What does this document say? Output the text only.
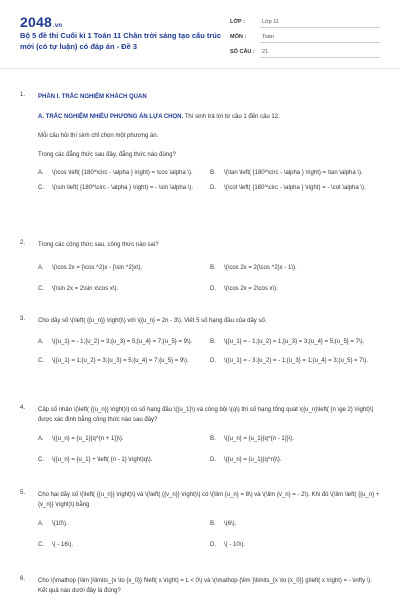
2048.vn
Bộ 5 đề thi Cuối kì 1 Toán 11 Chân trời sáng tạo cấu trúc mới (có tự luận) có đáp án - Đề 3
LỚP :	Lớp 11
MÔN :	Toán
SỐ CÂU :	21
1. PHẦN I. TRẮC NGHIỆM KHÁCH QUAN
A. TRẮC NGHIỆM NHIỀU PHƯƠNG ÁN LỰA CHỌN. Thí sinh trả lời từ câu 1 đến câu 12.
Mỗi câu hỏi thí sinh chỉ chọn một phương án.
Trong các đẳng thức sau đây, đẳng thức nào đúng?
A.	\(\cos \left( {180^\circ - \alpha } \right) = \cos \alpha \).	B.	\(\tan \left( {180^\circ - \alpha } \right) = \tan \alpha \).
C.	\(\sin \left( {180^\circ - \alpha } \right) = - \sin \alpha \).	D.	\(\cot \left( {180^\circ - \alpha } \right) = - \cot \alpha \).
2. Trong các công thức sau, công thức nào sai?
A.	\(\cos 2x = {\cos ^2}x - {\sin ^2}x\).	B.	\(\cos 2x = 2{\cos ^2}x - 1\).
C.	\(\sin 2x = 2\sin x\cos x\).	D.	\(\cos 2x = 2\cos x\).
3. Cho dãy số \(\left( {{u_n}} \right)\) với \({u_n} = 2n - 3\). Viết 5 số hạng đầu của dãy số.
A.	\({u_1} = - 1;{u_2} = 3;{u_3} = 5;{u_4} = 7;{u_5} = 9\).	B.	\({u_1} = - 1;{u_2} = 1;{u_3} = 3;{u_4} = 5;{u_5} = 7\).
C.	\({u_1} = 1;{u_2} = 3;{u_3} = 5;{u_4} = 7;{u_5} = 9\).	D.	\({u_1} = - 3;{u_2} = - 1;{u_3} = 1;{u_4} = 3;{u_5} = 7\).
4. Cấp số nhân \(\left( {{u_n}} \right)\) có số hạng đầu \({u_1}\) và công bội \(q\) thì số hạng tổng quát \({u_n}\left( {n \ge 2} \right)\) được xác định bằng công thức nào sau đây?
A.	\({u_n} = {u_1}{q^{n + 1}}\).	B.	\({u_n} = {u_1}{q^{n - 1}}\).
C.	\({u_n} = {u_1} + \left( {n - 1} \right)q\).	D.	\({u_n} = {u_1}{q^n}\).
5. Cho hai dãy số \(\left( {{u_n}} \right)\) và \(\left( {{v_n}} \right)\) có \(\lim {u_n} = 8\) và \(\lim {v_n} = - 2\). Khi đó \(\lim \left( {{u_n} + {v_n}} \right)\) bằng
A.	\(10\).	B.	\(6\).
C.	\( - 16\).	D.	\( - 10\).
6. Cho \(\mathop {\lim }\limits_{x \to {x_0}} f\left( x \right) = L < 0\) và \(\mathop {\lim }\limits_{x \to {x_0}} g\left( x \right) = - \infty \). Kết quả nào dưới đây là đúng?
